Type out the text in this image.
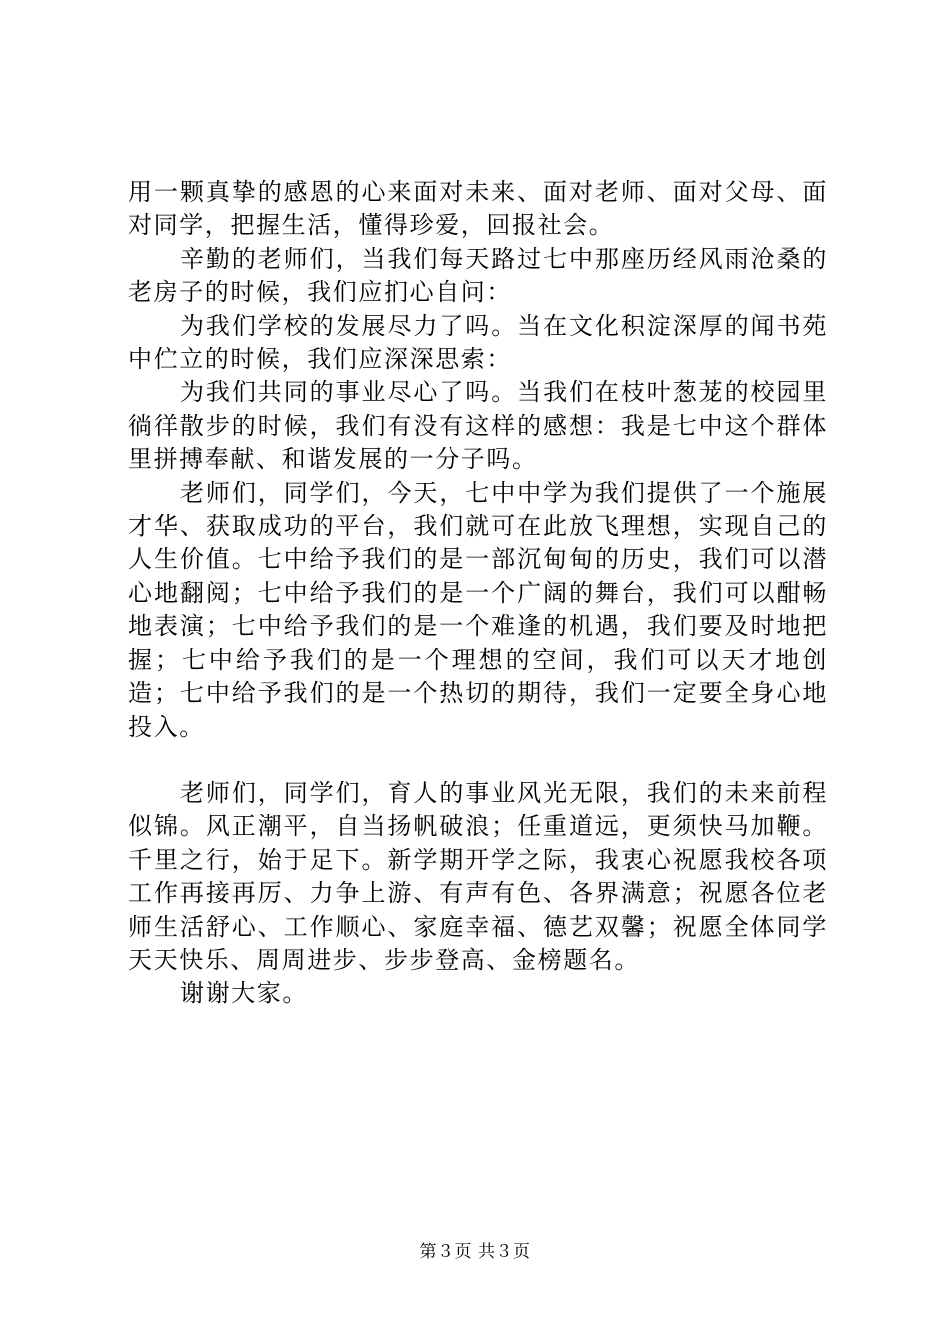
用一颗真挚的感恩的心来面对未来、面对老师、面对父母、面对同学，把握生活，懂得珍爱，回报社会。

辛勤的老师们，当我们每天路过七中那座历经风雨沧桑的老房子的时候，我们应扪心自问：

为我们学校的发展尽力了吗。当在文化积淀深厚的闻书苑中伫立的时候，我们应深深思索：

为我们共同的事业尽心了吗。当我们在枝叶葱茏的校园里徜徉散步的时候，我们有没有这样的感想：我是七中这个群体里拼搏奉献、和谐发展的一分子吗。

老师们，同学们，今天，七中中学为我们提供了一个施展才华、获取成功的平台，我们就可在此放飞理想，实现自己的人生价值。七中给予我们的是一部沉甸甸的历史，我们可以潜心地翻阅；七中给予我们的是一个广阔的舞台，我们可以酣畅地表演；七中给予我们的是一个难逢的机遇，我们要及时地把握；七中给予我们的是一个理想的空间，我们可以天才地创造；七中给予我们的是一个热切的期待，我们一定要全身心地投入。

老师们，同学们，育人的事业风光无限，我们的未来前程似锦。风正潮平，自当扬帆破浪；任重道远，更须快马加鞭。千里之行，始于足下。新学期开学之际，我衷心祝愿我校各项工作再接再厉、力争上游、有声有色、各界满意；祝愿各位老师生活舒心、工作顺心、家庭幸福、德艺双馨；祝愿全体同学天天快乐、周周进步、步步登高、金榜题名。

谢谢大家。

第３页 共３页
